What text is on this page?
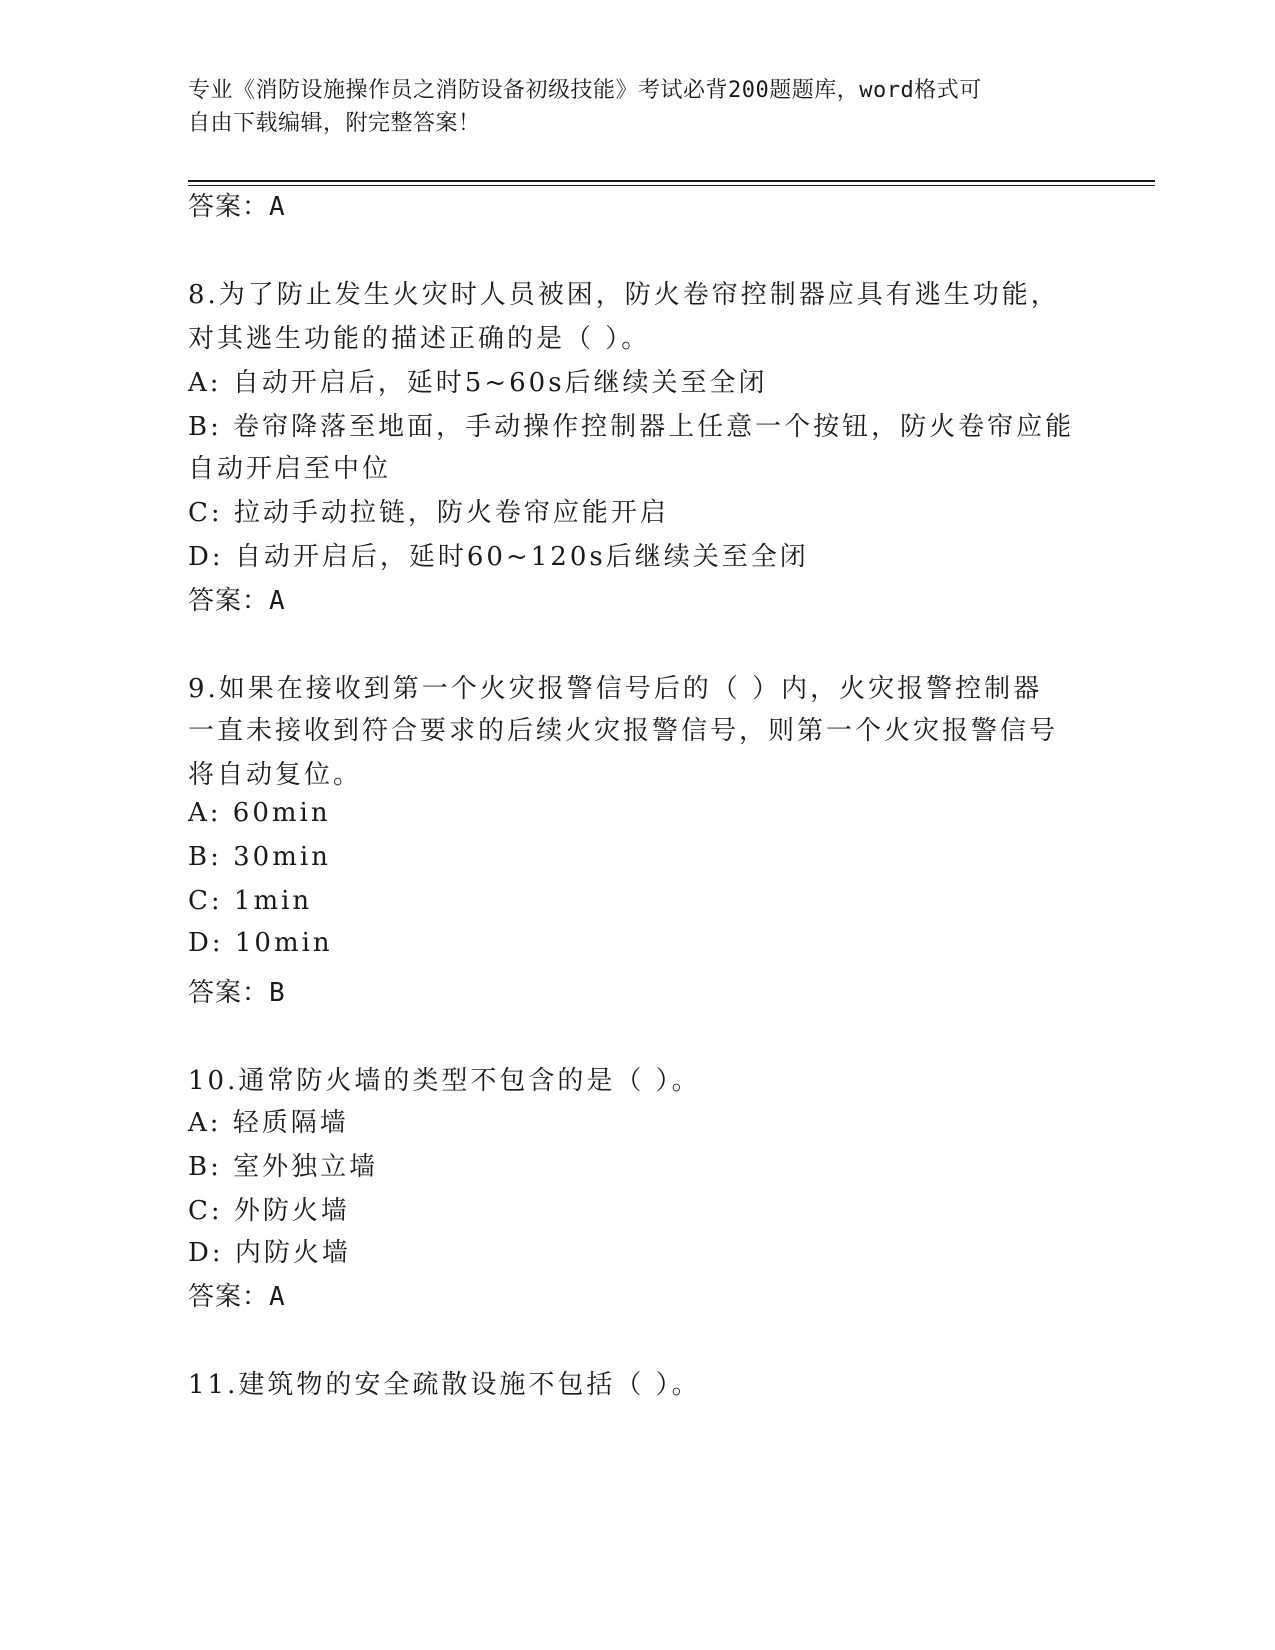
专业《消防设施操作员之消防设备初级技能》考试必背200题题库，word格式可
自由下载编辑，附完整答案！
答案：A
8.为了防止发生火灾时人员被困，防火卷帘控制器应具有逃生功能，
对其逃生功能的描述正确的是（ ）。
A: 自动开启后，延时5~60s后继续关至全闭
B: 卷帘降落至地面，手动操作控制器上任意一个按钮，防火卷帘应能
自动开启至中位
C: 拉动手动拉链，防火卷帘应能开启
D: 自动开启后，延时60~120s后继续关至全闭
答案：A
9.如果在接收到第一个火灾报警信号后的（ ）内，火灾报警控制器
一直未接收到符合要求的后续火灾报警信号，则第一个火灾报警信号
将自动复位。
A: 60min
B: 30min
C: 1min
D: 10min
答案：B
10.通常防火墙的类型不包含的是（ ）。
A: 轻质隔墙
B: 室外独立墙
C: 外防火墙
D: 内防火墙
答案：A
11.建筑物的安全疏散设施不包括（ ）。
